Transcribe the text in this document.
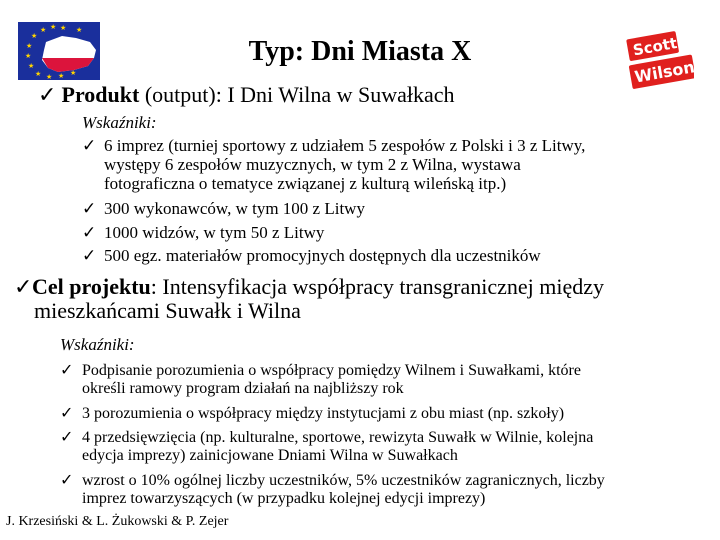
★ ★
★
★
★
★
★ ★ ★ ★
★ ★
Scott
Wilson
Typ: Dni Miasta X
✓ Produkt (output): I Dni Wilna w Suwałkach
Wskaźniki:
✓ 6 imprez (turniej sportowy z udziałem 5 zespołów z Polski i 3 z Litwy,
występy 6 zespołów muzycznych, w tym 2 z Wilna, wystawa
fotograficzna o tematyce związanej z kulturą wileńską itp.)
✓ 300 wykonawców, w tym 100 z Litwy
✓ 1000 widzów, w tym 50 z Litwy
✓ 500 egz. materiałów promocyjnych dostępnych dla uczestników
✓Cel projektu: Intensyfikacja współpracy transgranicznej między
mieszkańcami Suwałk i Wilna
Wskaźniki:
✓ Podpisanie porozumienia o współpracy pomiędzy Wilnem i Suwałkami, które
określi ramowy program działań na najbliższy rok
✓ 3 porozumienia o współpracy między instytucjami z obu miast (np. szkoły)
✓ 4 przedsięwzięcia (np. kulturalne, sportowe, rewizyta Suwałk w Wilnie, kolejna
edycja imprezy) zainicjowane Dniami Wilna w Suwałkach
✓ wzrost o 10% ogólnej liczby uczestników, 5% uczestników zagranicznych, liczby
imprez towarzyszących (w przypadku kolejnej edycji imprezy)
J. Krzesiński & L. Żukowski & P. Zejer
